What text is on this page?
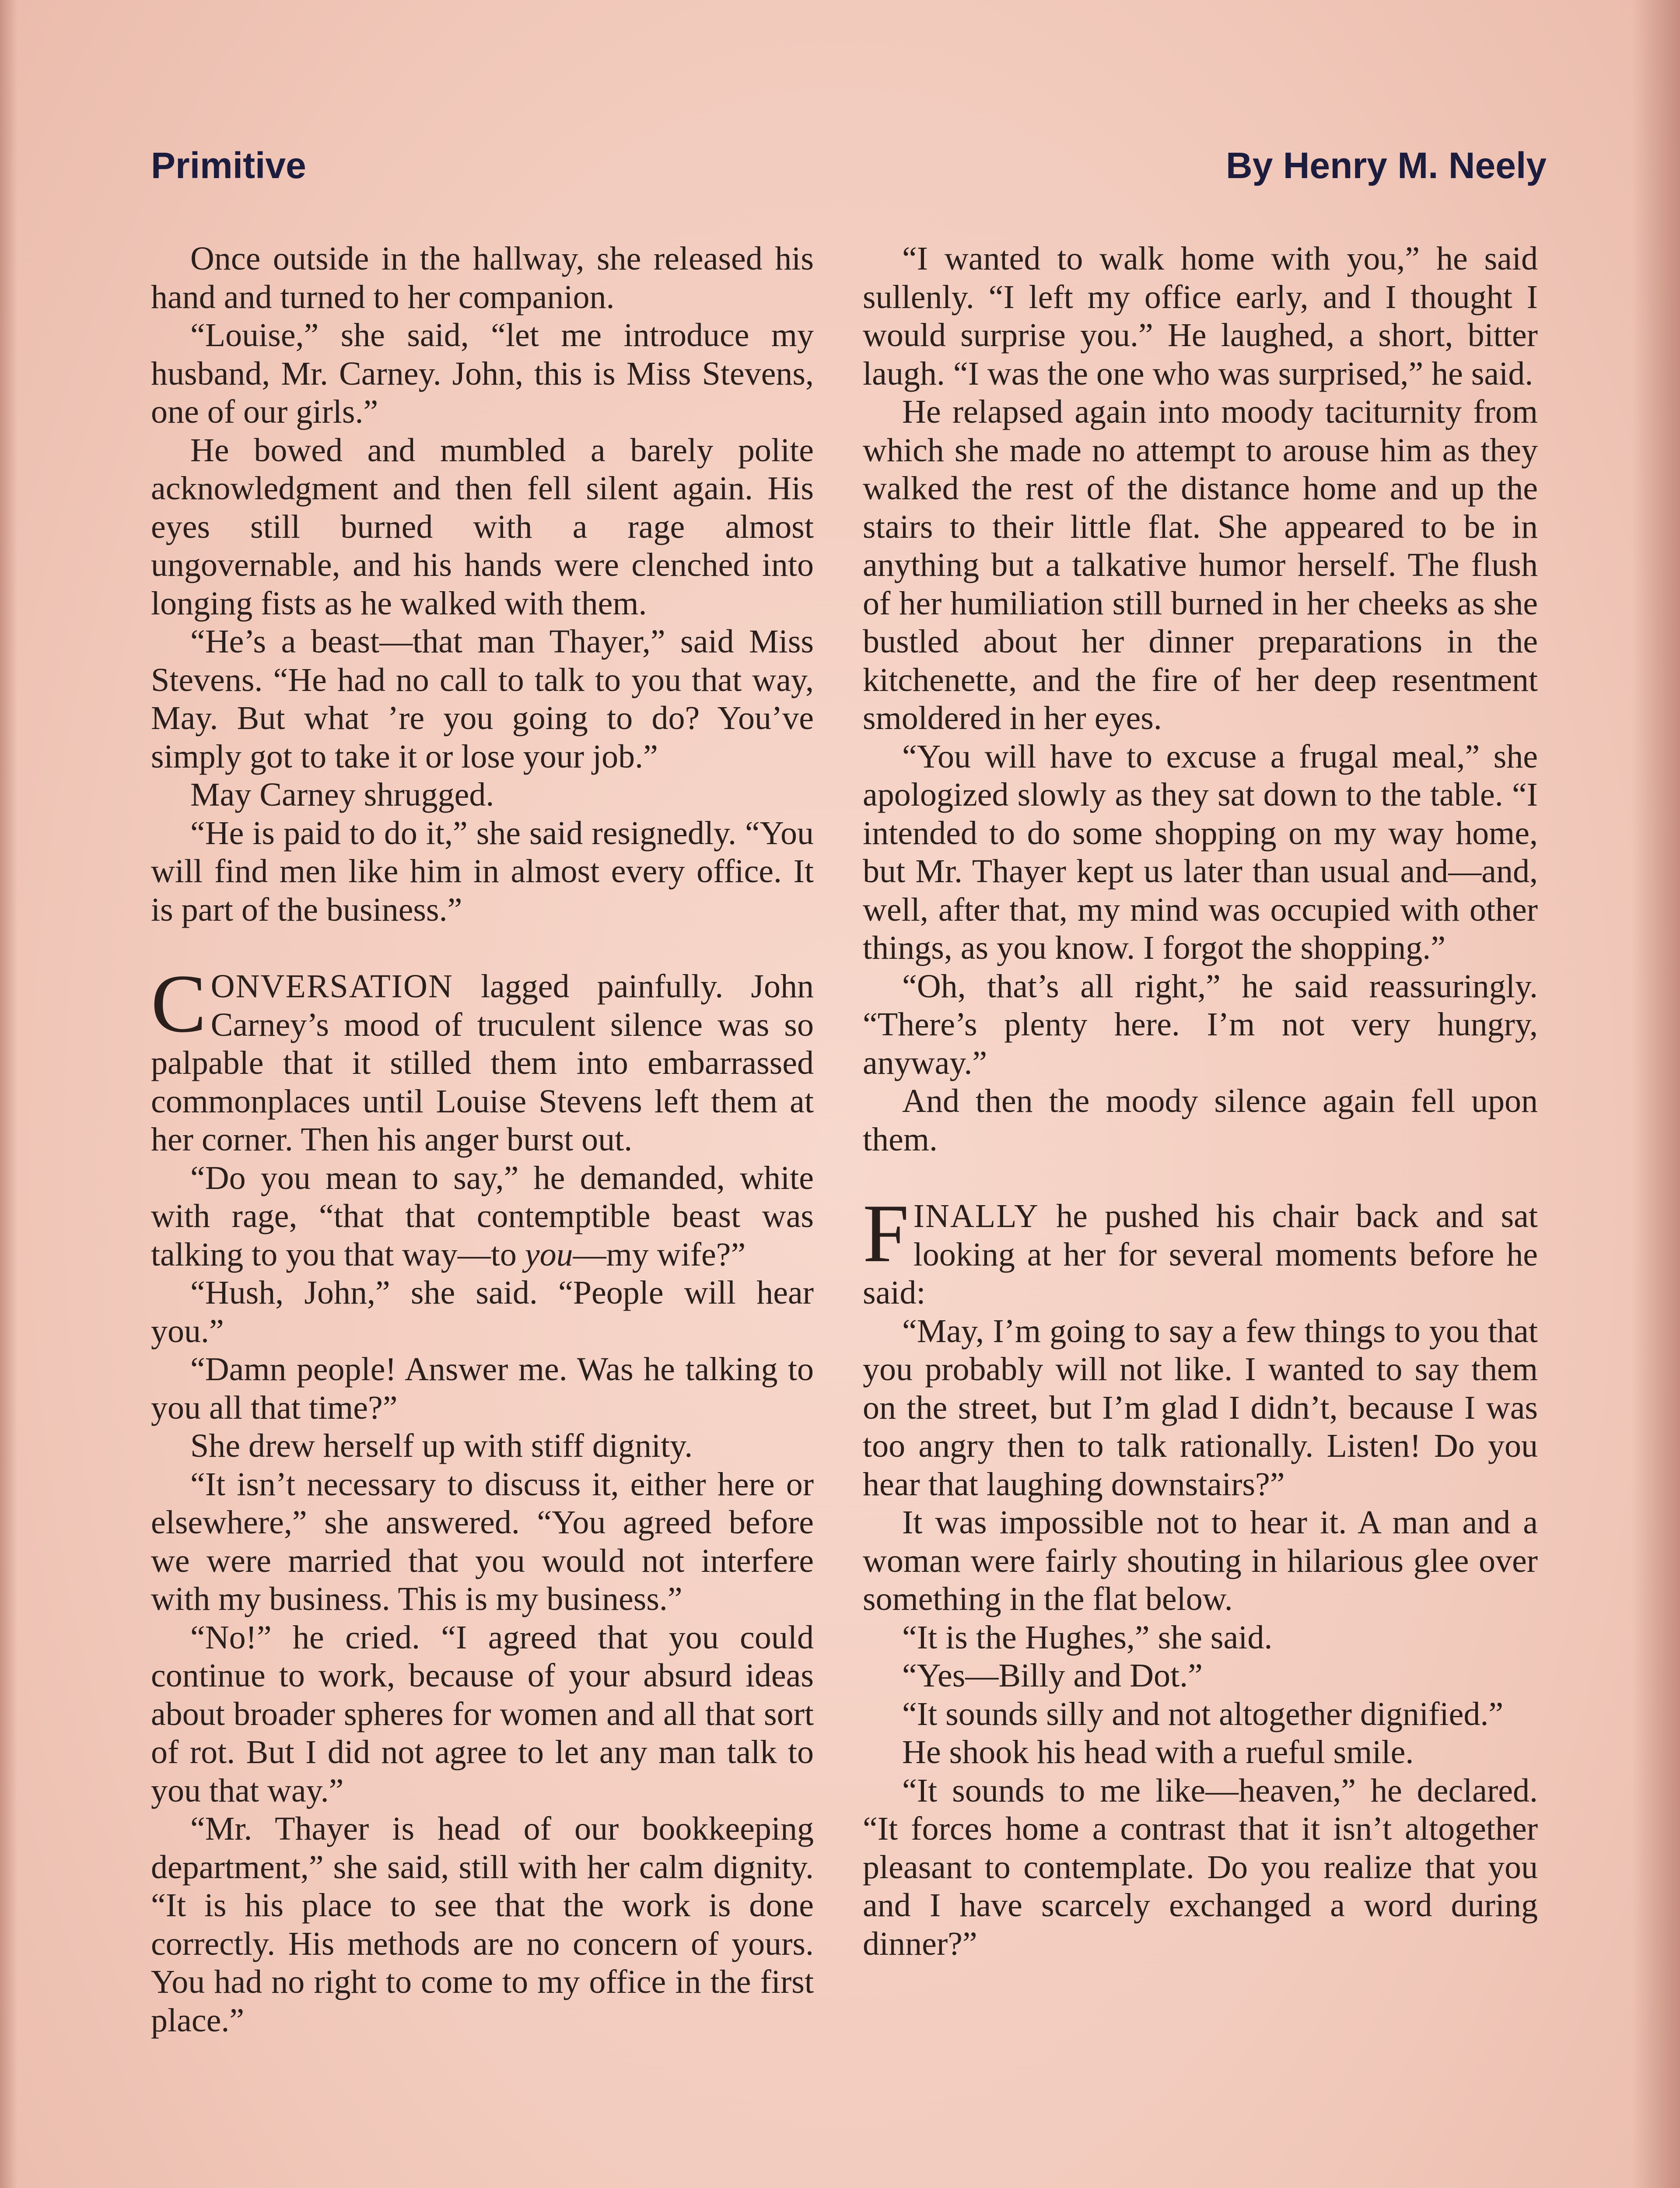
Primitive	By Henry M. Neely

Once outside in the hallway, she released his hand and turned to her companion.

“Louise,” she said, “let me introduce my husband, Mr. Carney. John, this is Miss Stevens, one of our girls.”

He bowed and mumbled a barely polite acknowledgment and then fell silent again. His eyes still burned with a rage almost ungovernable, and his hands were clenched into longing fists as he walked with them.

“He’s a beast—that man Thayer,” said Miss Stevens. “He had no call to talk to you that way, May. But what ’re you going to do? You’ve simply got to take it or lose your job.”

May Carney shrugged.

“He is paid to do it,” she said resignedly. “You will find men like him in almost every office. It is part of the business.”

CONVERSATION lagged painfully. John Carney’s mood of truculent silence was so palpable that it stilled them into embarrassed commonplaces until Louise Stevens left them at her corner. Then his anger burst out.

“Do you mean to say,” he demanded, white with rage, “that that contemptible beast was talking to you that way—to you—my wife?”

“Hush, John,” she said. “People will hear you.”

“Damn people! Answer me. Was he talking to you all that time?”

She drew herself up with stiff dignity.

“It isn’t necessary to discuss it, either here or elsewhere,” she answered. “You agreed before we were married that you would not interfere with my business. This is my business.”

“No!” he cried. “I agreed that you could continue to work, because of your absurd ideas about broader spheres for women and all that sort of rot. But I did not agree to let any man talk to you that way.”

“Mr. Thayer is head of our bookkeeping department,” she said, still with her calm dignity. “It is his place to see that the work is done correctly. His methods are no concern of yours. You had no right to come to my office in the first place.”

“I wanted to walk home with you,” he said sullenly. “I left my office early, and I thought I would surprise you.” He laughed, a short, bitter laugh. “I was the one who was surprised,” he said.

He relapsed again into moody taciturnity from which she made no attempt to arouse him as they walked the rest of the distance home and up the stairs to their little flat. She appeared to be in anything but a talkative humor herself. The flush of her humiliation still burned in her cheeks as she bustled about her dinner preparations in the kitchenette, and the fire of her deep resentment smoldered in her eyes.

“You will have to excuse a frugal meal,” she apologized slowly as they sat down to the table. “I intended to do some shopping on my way home, but Mr. Thayer kept us later than usual and—and, well, after that, my mind was occupied with other things, as you know. I forgot the shopping.”

“Oh, that’s all right,” he said reassuringly. “There’s plenty here. I’m not very hungry, anyway.”

And then the moody silence again fell upon them.

FINALLY he pushed his chair back and sat looking at her for several moments before he said:

“May, I’m going to say a few things to you that you probably will not like. I wanted to say them on the street, but I’m glad I didn’t, because I was too angry then to talk rationally. Listen! Do you hear that laughing downstairs?”

It was impossible not to hear it. A man and a woman were fairly shouting in hilarious glee over something in the flat below.

“It is the Hughes,” she said.

“Yes—Billy and Dot.”

“It sounds silly and not altogether dignified.”

He shook his head with a rueful smile.

“It sounds to me like—heaven,” he declared. “It forces home a contrast that it isn’t altogether pleasant to contemplate. Do you realize that you and I have scarcely exchanged a word during dinner?”
